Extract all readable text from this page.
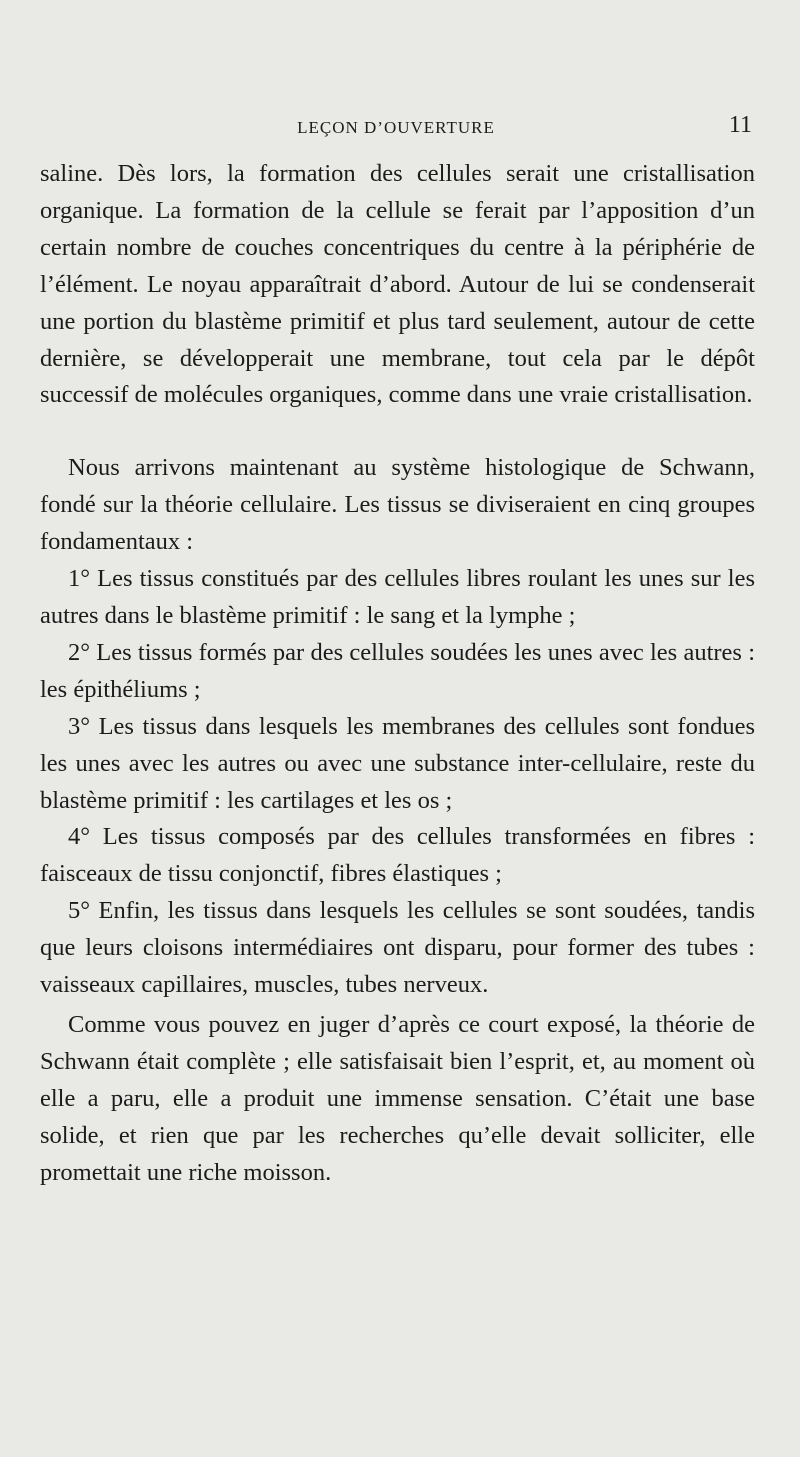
LEÇON D’OUVERTURE	11

saline. Dès lors, la formation des cellules serait une cristallisation organique. La formation de la cellule se ferait par l’apposition d’un certain nombre de couches concentriques du centre à la périphérie de l’élément. Le noyau apparaîtrait d’abord. Autour de lui se condenserait une portion du blastème primitif et plus tard seulement, autour de cette dernière, se développerait une membrane, tout cela par le dépôt successif de molécules organiques, comme dans une vraie cristallisation.

Nous arrivons maintenant au système histologique de Schwann, fondé sur la théorie cellulaire. Les tissus se diviseraient en cinq groupes fondamentaux :

1° Les tissus constitués par des cellules libres roulant les unes sur les autres dans le blastème primitif : le sang et la lymphe ;

2° Les tissus formés par des cellules soudées les unes avec les autres : les épithéliums ;

3° Les tissus dans lesquels les membranes des cellules sont fondues les unes avec les autres ou avec une substance inter-cellulaire, reste du blastème primitif : les cartilages et les os ;

4° Les tissus composés par des cellules transformées en fibres : faisceaux de tissu conjonctif, fibres élastiques ;

5° Enfin, les tissus dans lesquels les cellules se sont soudées, tandis que leurs cloisons intermédiaires ont disparu, pour former des tubes : vaisseaux capillaires, muscles, tubes nerveux.

Comme vous pouvez en juger d’après ce court exposé, la théorie de Schwann était complète ; elle satisfaisait bien l’esprit, et, au moment où elle a paru, elle a produit une immense sensation. C’était une base solide, et rien que par les recherches qu’elle devait solliciter, elle promettait une riche moisson.
